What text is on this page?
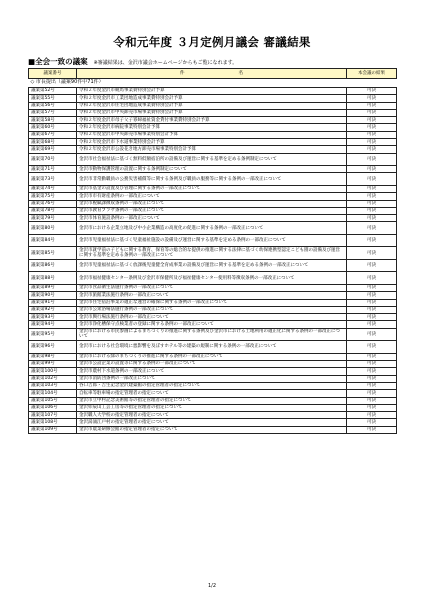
令和元年度 ３月定例月議会 審議結果
■全会一致の議案 ※審議結果は、金沢市議会ホームページからもご覧になれます。
議案番号	件　　　　　　　　　　　　名	本会議の結果
◇ 市長提出（議案90件中71件）		
議案第52号	令和２年度金沢市競馬事業費特別会計予算	可決
議案第55号	令和２年度金沢市工業団地造成事業費特別会計予算	可決
議案第56号	令和２年度金沢市住宅団地造成事業費特別会計予算	可決
議案第57号	令和２年度金沢市中央卸売市場事業費特別会計予算	可決
議案第58号	令和２年度金沢市母子父子寡婦福祉資金貸付事業費特別会計予算	可決
議案第60号	令和２年度金沢市病院事業特別会計予算	可決
議案第67号	令和２年度金沢市中央卸売市場事業特別会計予算	可決
議案第68号	令和２年度金沢市下水道事業特別会計予算	可決
議案第69号	令和２年度金沢市公設花き地方卸売市場事業特別会計予算	可決
議案第70号	金沢市社会福祉法に基づく無料低額宿泊所の設備及び運営に関する基準を定める条例制定について	可決
議案第71号	金沢市動物保護管理の設置に関する条例制定について	可決
議案第73号	金沢市非常勤職員の公務災害補償等に関する条例及び職員の服務等に関する条例の一部改正について	可決
議案第74号	金沢市基金の設置及び管理に関する条例の一部改正について	可決
議案第75号	金沢市市有財産条例の一部改正について	可決
議案第76号	金沢市税賦課徴収条例の一部改正について	可決
議案第78号	金沢市教育プラザ条例の一部改正について	可決
議案第79号	金沢市体育施設条例の一部改正について	可決
議案第80号	金沢市における企業立地及び中小企業構造の高度化の促進に関する条例の一部改正について	可決
議案第84号	金沢市児童福祉法に基づく児童福祉施設の設備及び運営に関する基準を定める条例の一部改正について	可決
議案第85号	金沢市就学前の子どもに関する教育、保育等の総合的な提供の推進に関する法律に基づく幼保連携型認定こども園の設備及び運営に関する基準を定める条例の一部改正について	可決
議案第86号	金沢市児童福祉法に基づく放課後児童健全育成事業の設備及び運営に関する基準を定める条例の一部改正について	可決
議案第88号	金沢市福祉健康センター条例及び金沢市保健所及び福祉健康センター使用料等徴収条例の一部改正について	可決
議案第89号	金沢市食品衛生法施行条例の一部改正について	可決
議案第90号	金沢市旅館業法施行条例の一部改正について	可決
議案第91号	金沢市住宅宿泊事業の適正な運営の確保に関する条例の一部改正について	可決
議案第92号	金沢市公衆浴場法施行条例の一部改正について	可決
議案第93号	金沢市興行場法施行条例の一部改正について	可決
議案第94号	金沢市浄化槽保守点検業者の登録に関する条例の一部改正について	可決
議案第95号	金沢市における市民参画によるまちづくりの推進に関する条例及び金沢市における土地利用の適正化に関する条例の一部改正について	可決
議案第96号	金沢市における社会環境に悪影響を及ぼすホテル等の建築の規制に関する条例の一部改正について	可決
議案第98号	金沢市における緑のまちづくりの推進に関する条例の一部改正について	可決
議案第99号	金沢市公設企業の設置等に関する条例の一部改正について	可決
議案第100号	金沢市農村下水道条例の一部改正について	可決
議案第102号	金沢市消防団条例の一部改正について	可決
議案第103号	谷口吉郎・吉生記念金沢建築館の指定管理者の指定について	可決
議案第104号	自転車等駐車場の指定管理者の指定について	可決
議案第105号	金沢市立中村記念美術館等の指定管理者の指定について	可決
議案第106号	金沢卯辰山工芸工房等の指定管理者の指定について	可決
議案第107号	金沢職人大学校の指定管理者の指定について	可決
議案第108号	金沢湯涌江戸村の指定管理者の指定について	可決
議案第109号	金沢市農業研修会館の指定管理者の指定について	可決
1/2
